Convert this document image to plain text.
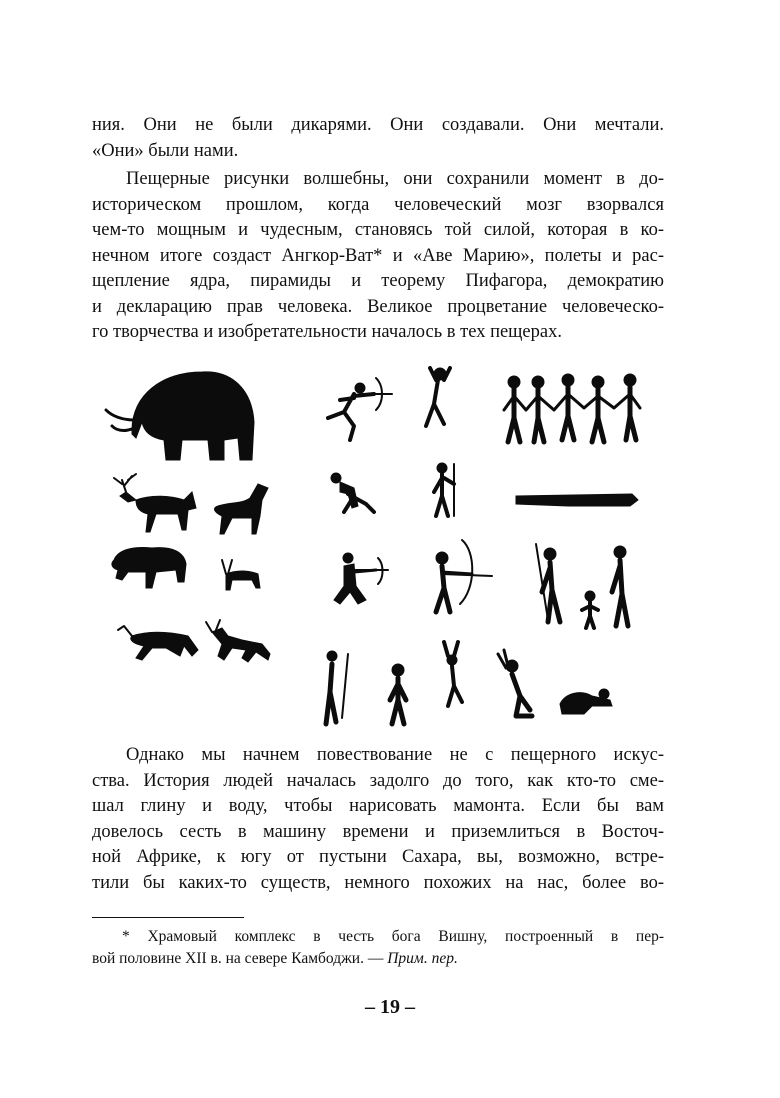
ния. Они не были дикарями. Они создавали. Они мечтали.
«Они» были нами.

Пещерные рисунки волшебны, они сохранили момент в до-
историческом прошлом, когда человеческий мозг взорвался
чем-то мощным и чудесным, становясь той силой, которая в ко-
нечном итоге создаст Ангкор-Ват* и «Аве Марию», полеты и рас-
щепление ядра, пирамиды и теорему Пифагора, демократию
и декларацию прав человека. Великое процветание человеческо-
го творчества и изобретательности началось в тех пещерах.

Однако мы начнем повествование не с пещерного искус-
ства. История людей началась задолго до того, как кто-то сме-
шал глину и воду, чтобы нарисовать мамонта. Если бы вам
довелось сесть в машину времени и приземлиться в Восточ-
ной Африке, к югу от пустыни Сахара, вы, возможно, встре-
тили бы каких-то существ, немного похожих на нас, более во-

* Храмовый комплекс в честь бога Вишну, построенный в пер-
вой половине XII в. на севере Камбоджи. — Прим. пер.
– 19 –
